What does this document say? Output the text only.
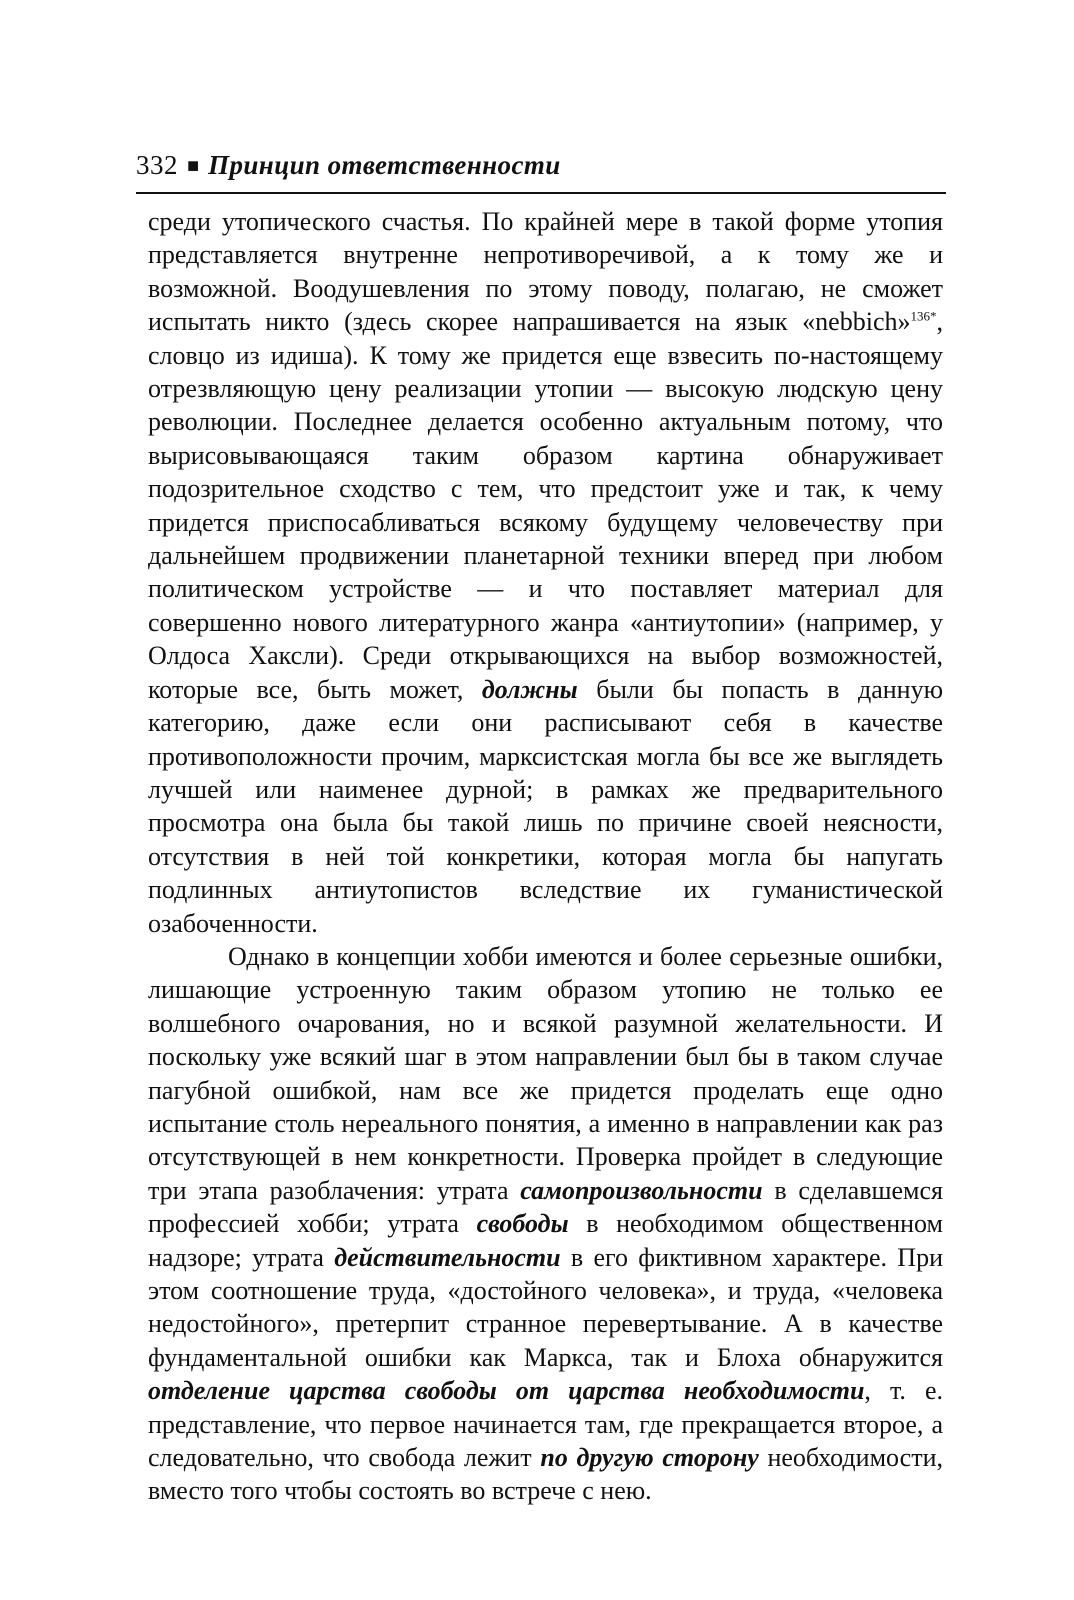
332 ■ Принцип ответственности

среди утопического счастья. По крайней мере в такой форме утопия представляется внутренне непротиворечивой, а к тому же и возможной. Воодушевления по этому поводу, полагаю, не сможет испытать никто (здесь скорее напрашивается на язык «nebbich»$^{136*}$, словцо из идиша). К тому же придется еще взвесить по-настоящему отрезвляющую цену реализации утопии — высокую людскую цену революции. Последнее делается особенно актуальным потому, что вырисовывающаяся таким образом картина обнаруживает подозрительное сходство с тем, что предстоит уже и так, к чему придется приспосабливаться всякому будущему человечеству при дальнейшем продвижении планетарной техники вперед при любом политическом устройстве — и что поставляет материал для совершенно нового литературного жанра «антиутопии» (например, у Олдоса Хаксли). Среди открывающихся на выбор возможностей, которые все, быть может, должны были бы попасть в данную категорию, даже если они расписывают себя в качестве противоположности прочим, марксистская могла бы все же выглядеть лучшей или наименее дурной; в рамках же предварительного просмотра она была бы такой лишь по причине своей неясности, отсутствия в ней той конкретики, которая могла бы напугать подлинных антиутопистов вследствие их гуманистической озабоченности.

Однако в концепции хобби имеются и более серьезные ошибки, лишающие устроенную таким образом утопию не только ее волшебного очарования, но и всякой разумной желательности. И поскольку уже всякий шаг в этом направлении был бы в таком случае пагубной ошибкой, нам все же придется проделать еще одно испытание столь нереального понятия, а именно в направлении как раз отсутствующей в нем конкретности. Проверка пройдет в следующие три этапа разоблачения: утрата самопроизвольности в сделавшемся профессией хобби; утрата свободы в необходимом общественном надзоре; утрата действительности в его фиктивном характере. При этом соотношение труда, «достойного человека», и труда, «человека недостойного», претерпит странное перевертывание. А в качестве фундаментальной ошибки как Маркса, так и Блоха обнаружится отделение царства свободы от царства необходимости, т. е. представление, что первое начинается там, где прекращается второе, а следовательно, что свобода лежит по другую сторону необходимости, вместо того чтобы состоять во встрече с нею.
